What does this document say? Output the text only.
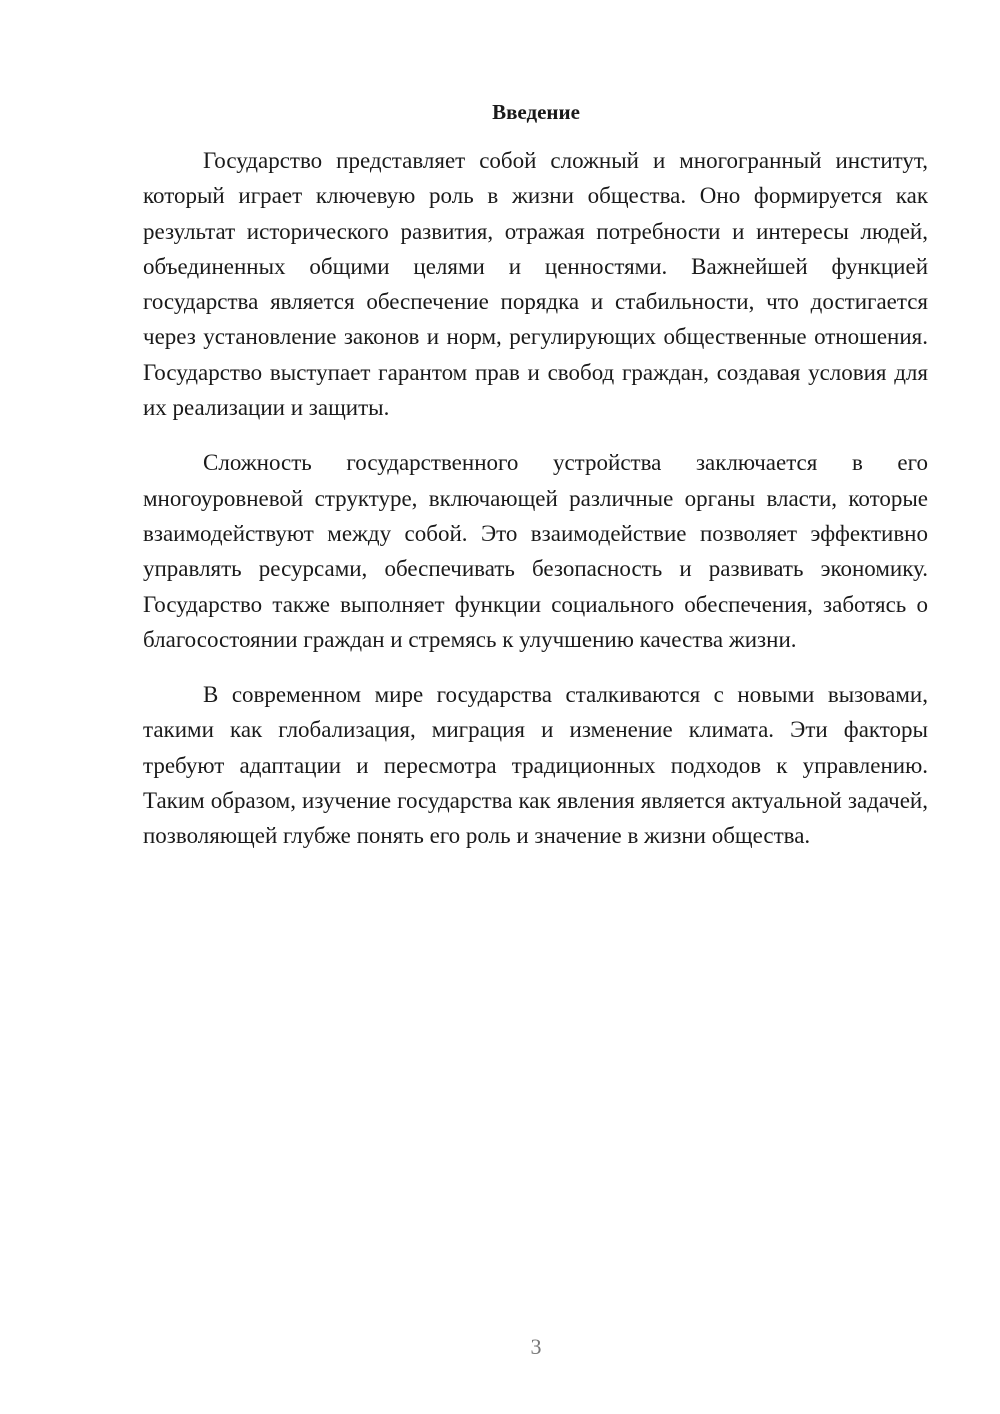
Введение

Государство представляет собой сложный и многогранный институт, который играет ключевую роль в жизни общества. Оно формируется как результат исторического развития, отражая потребности и интересы людей, объединенных общими целями и ценностями. Важнейшей функцией государства является обеспечение порядка и стабильности, что достигается через установление законов и норм, регулирующих общественные отношения. Государство выступает гарантом прав и свобод граждан, создавая условия для их реализации и защиты.

Сложность государственного устройства заключается в его многоуровневой структуре, включающей различные органы власти, которые взаимодействуют между собой. Это взаимодействие позволяет эффективно управлять ресурсами, обеспечивать безопасность и развивать экономику. Государство также выполняет функции социального обеспечения, заботясь о благосостоянии граждан и стремясь к улучшению качества жизни.

В современном мире государства сталкиваются с новыми вызовами, такими как глобализация, миграция и изменение климата. Эти факторы требуют адаптации и пересмотра традиционных подходов к управлению. Таким образом, изучение государства как явления является актуальной задачей, позволяющей глубже понять его роль и значение в жизни общества.

3
